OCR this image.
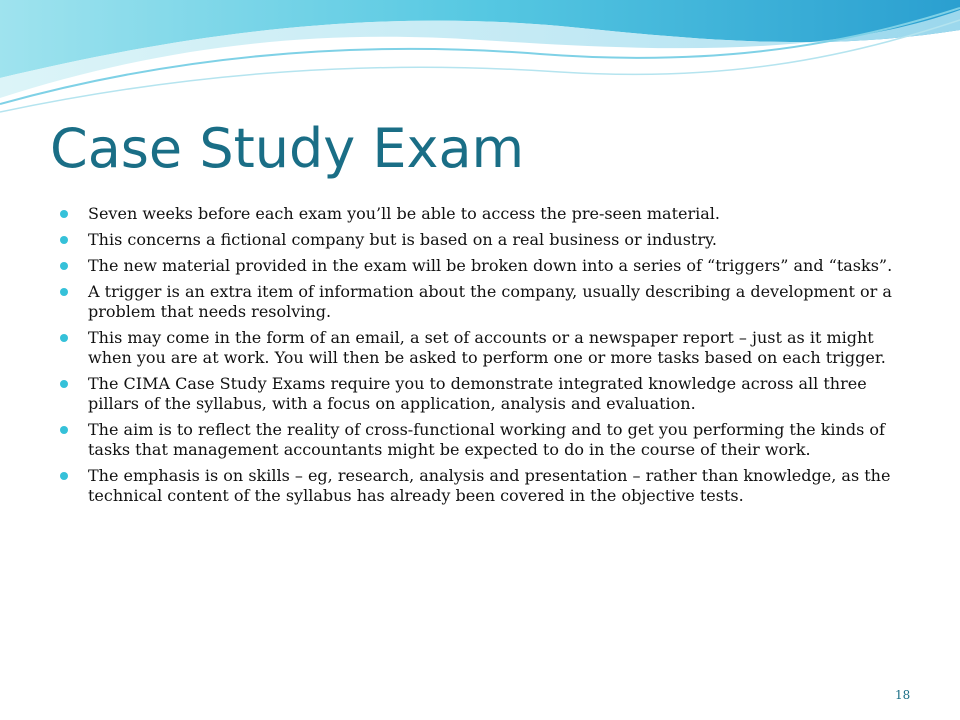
Case Study Exam
Seven weeks before each exam you’ll be able to access the pre-seen material.
This concerns a fictional company but is based on a real business or industry.
The new material provided in the exam will be broken down into a series of “triggers” and “tasks”.
A trigger is an extra item of information about the company, usually describing a development or a problem that needs resolving.
This may come in the form of an email, a set of accounts or a newspaper report – just as it might when you are at work. You will then be asked to perform one or more tasks based on each trigger.
The CIMA Case Study Exams require you to demonstrate integrated knowledge across all three pillars of the syllabus, with a focus on application, analysis and evaluation.
The aim is to reflect the reality of cross-functional working and to get you performing the kinds of tasks that management accountants might be expected to do in the course of their work.
The emphasis is on skills – eg, research, analysis and presentation – rather than knowledge, as the technical content of the syllabus has already been covered in the objective tests.
18
